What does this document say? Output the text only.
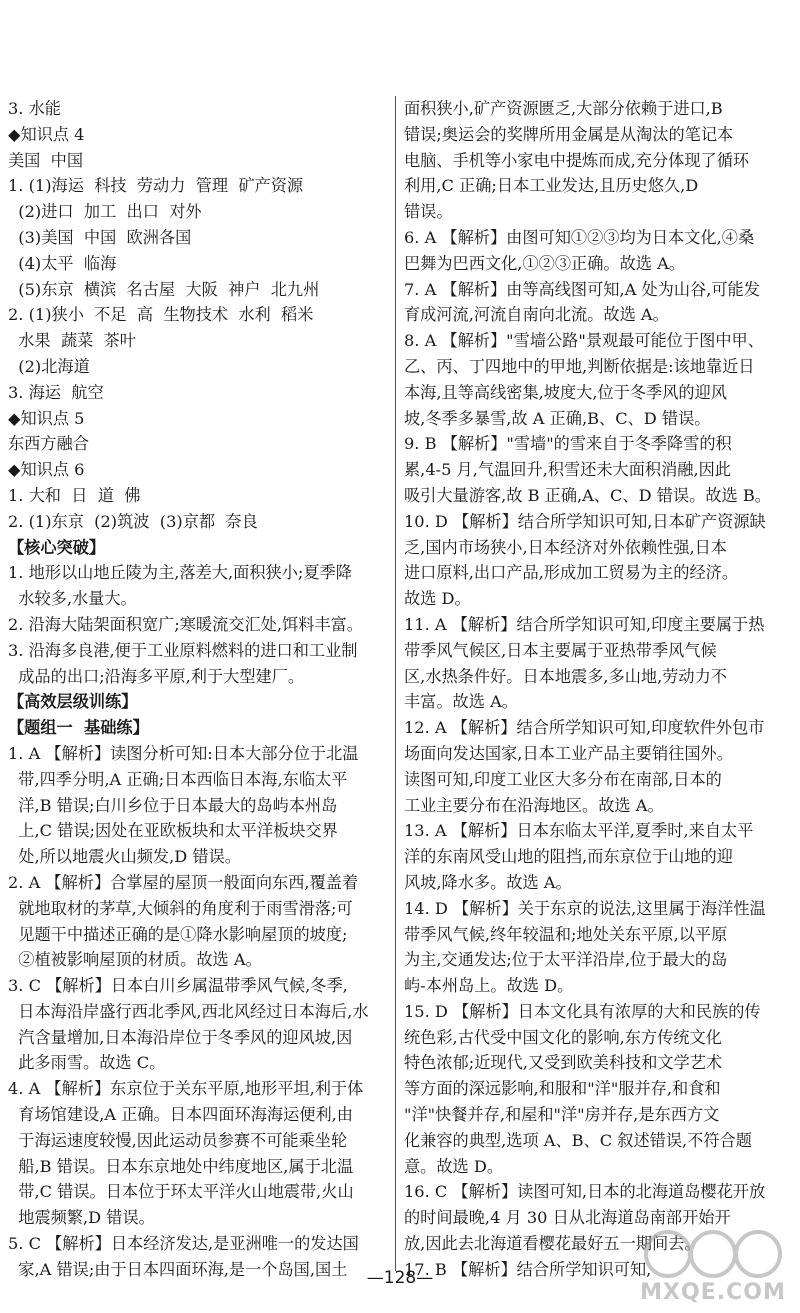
3. 水能
◆知识点 4
美国  中国
1. (1)海运  科技  劳动力  管理  矿产资源
(2)进口  加工  出口  对外
(3)美国  中国  欧洲各国
(4)太平  临海
(5)东京  横滨  名古屋  大阪  神户  北九州
2. (1)狭小  不足  高  生物技术  水利  稻米
水果  蔬菜  茶叶
(2)北海道
3. 海运  航空
◆知识点 5
东西方融合
◆知识点 6
1. 大和  日  道  佛
2. (1)东京  (2)筑波  (3)京都  奈良
【核心突破】
1. 地形以山地丘陵为主,落差大,面积狭小;夏季降
水较多,水量大。
2. 沿海大陆架面积宽广;寒暖流交汇处,饵料丰富。
3. 沿海多良港,便于工业原料燃料的进口和工业制
成品的出口;沿海多平原,利于大型建厂。
【高效层级训练】
【题组一  基础练】
1. A 【解析】读图分析可知:日本大部分位于北温
带,四季分明,A 正确;日本西临日本海,东临太平
洋,B 错误;白川乡位于日本最大的岛屿本州岛
上,C 错误;因处在亚欧板块和太平洋板块交界
处,所以地震火山频发,D 错误。
2. A 【解析】合掌屋的屋顶一般面向东西,覆盖着
就地取材的茅草,大倾斜的角度利于雨雪滑落;可
见题干中描述正确的是①降水影响屋顶的坡度;
②植被影响屋顶的材质。故选 A。
3. C 【解析】日本白川乡属温带季风气候,冬季,
日本海沿岸盛行西北季风,西北风经过日本海后,水
汽含量增加,日本海沿岸位于冬季风的迎风坡,因
此多雨雪。故选 C。
4. A 【解析】东京位于关东平原,地形平坦,利于体
育场馆建设,A 正确。日本四面环海海运便利,由
于海运速度较慢,因此运动员参赛不可能乘坐轮
船,B 错误。日本东京地处中纬度地区,属于北温
带,C 错误。日本位于环太平洋火山地震带,火山
地震频繁,D 错误。
5. C 【解析】日本经济发达,是亚洲唯一的发达国
家,A 错误;由于日本四面环海,是一个岛国,国土
面积狭小,矿产资源匮乏,大部分依赖于进口,B
错误;奥运会的奖牌所用金属是从淘汰的笔记本
电脑、手机等小家电中提炼而成,充分体现了循环
利用,C 正确;日本工业发达,且历史悠久,D
错误。
6. A 【解析】由图可知①②③均为日本文化,④桑
巴舞为巴西文化,①②③正确。故选 A。
7. A 【解析】由等高线图可知,A 处为山谷,可能发
育成河流,河流自南向北流。故选 A。
8. A 【解析】"雪墙公路"景观最可能位于图中甲、
乙、丙、丁四地中的甲地,判断依据是:该地靠近日
本海,且等高线密集,坡度大,位于冬季风的迎风
坡,冬季多暴雪,故 A 正确,B、C、D 错误。
9. B 【解析】"雪墙"的雪来自于冬季降雪的积
累,4-5 月,气温回升,积雪还未大面积消融,因此
吸引大量游客,故 B 正确,A、C、D 错误。故选 B。
10. D 【解析】结合所学知识可知,日本矿产资源缺
乏,国内市场狭小,日本经济对外依赖性强,日本
进口原料,出口产品,形成加工贸易为主的经济。
故选 D。
11. A 【解析】结合所学知识可知,印度主要属于热
带季风气候区,日本主要属于亚热带季风气候
区,水热条件好。日本地震多,多山地,劳动力不
丰富。故选 A。
12. A 【解析】结合所学知识可知,印度软件外包市
场面向发达国家,日本工业产品主要销往国外。
读图可知,印度工业区大多分布在南部,日本的
工业主要分布在沿海地区。故选 A。
13. A 【解析】日本东临太平洋,夏季时,来自太平
洋的东南风受山地的阻挡,而东京位于山地的迎
风坡,降水多。故选 A。
14. D 【解析】关于东京的说法,这里属于海洋性温
带季风气候,终年较温和;地处关东平原,以平原
为主,交通发达;位于太平洋沿岸,位于最大的岛
屿-本州岛上。故选 D。
15. D 【解析】日本文化具有浓厚的大和民族的传
统色彩,古代受中国文化的影响,东方传统文化
特色浓郁;近现代,又受到欧美科技和文学艺术
等方面的深远影响,和服和"洋"服并存,和食和
"洋"快餐并存,和屋和"洋"房并存,是东西方文
化兼容的典型,选项 A、B、C 叙述错误,不符合题
意。故选 D。
16. C 【解析】读图可知,日本的北海道岛樱花开放
的时间最晚,4 月 30 日从北海道岛南部开始开
放,因此去北海道看樱花最好五一期间去。
17. B 【解析】结合所学知识可知,
—128—
MXQE.COM
